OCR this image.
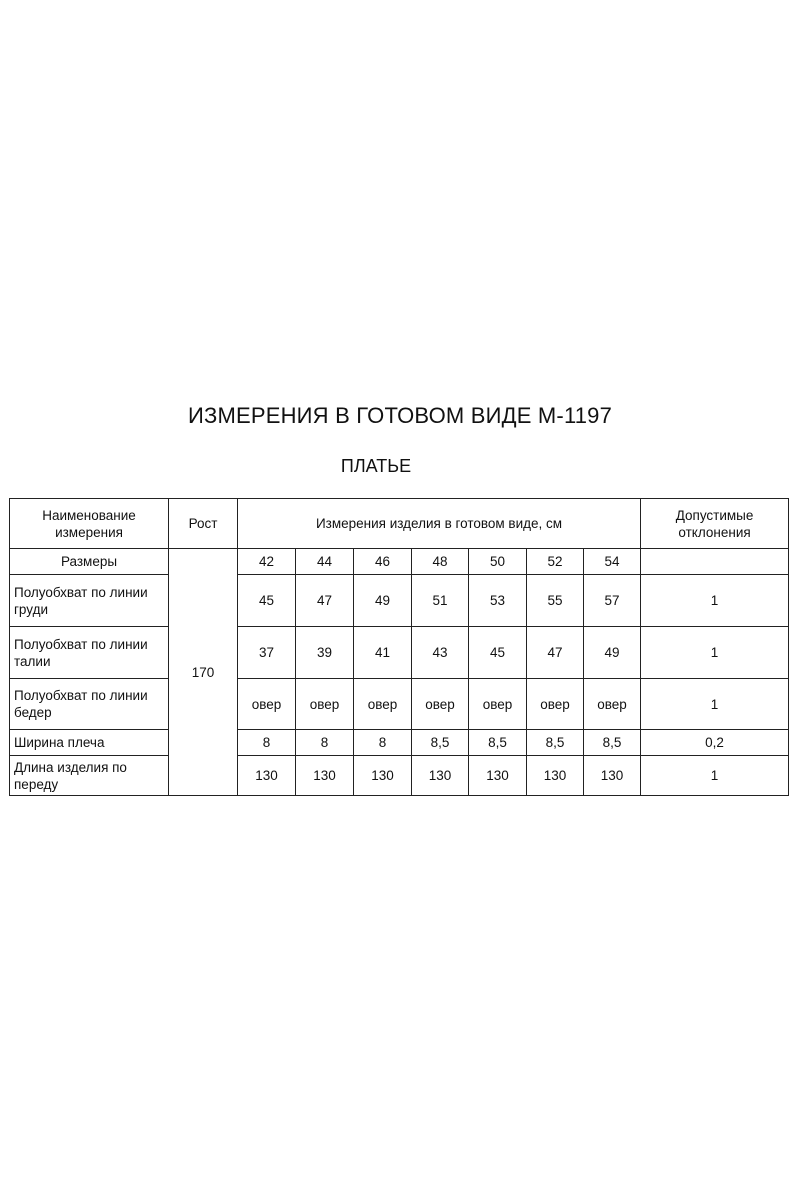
ИЗМЕРЕНИЯ В ГОТОВОМ ВИДЕ М-1197
ПЛАТЬЕ
Наименование измерения	Рост	Измерения изделия в готовом виде, см							Допустимые отклонения
Размеры	170	42	44	46	48	50	52	54	
Полуобхват по линии груди		45	47	49	51	53	55	57	1
Полуобхват по линии талии		37	39	41	43	45	47	49	1
Полуобхват по линии бедер		овер	овер	овер	овер	овер	овер	овер	1
Ширина плеча		8	8	8	8,5	8,5	8,5	8,5	0,2
Длина изделия по переду		130	130	130	130	130	130	130	1
